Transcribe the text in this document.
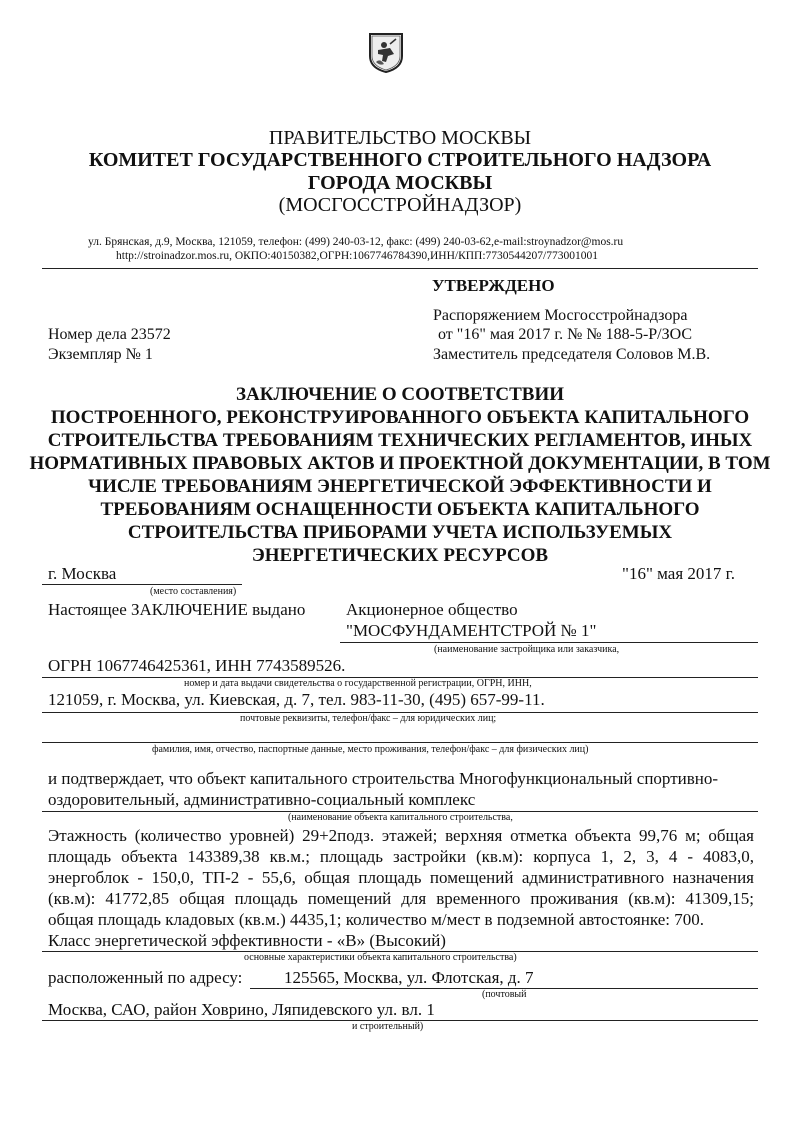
ПРАВИТЕЛЬСТВО МОСКВЫ
КОМИТЕТ ГОСУДАРСТВЕННОГО СТРОИТЕЛЬНОГО НАДЗОРА
ГОРОДА МОСКВЫ
(МОСГОССТРОЙНАДЗОР)
ул. Брянская, д.9, Москва, 121059, телефон: (499) 240-03-12, факс: (499) 240-03-62,e-mail:stroynadzor@mos.ru
http://stroinadzor.mos.ru, ОКПО:40150382,ОГРН:1067746784390,ИНН/КПП:7730544207/773001001
УТВЕРЖДЕНО
Распоряжением Мосгосстройнадзора
от "16" мая 2017 г. № № 188-5-Р/ЗОС
Заместитель председателя Соловов М.В.
Номер дела 23572
Экземпляр № 1
ЗАКЛЮЧЕНИЕ О СООТВЕТСТВИИ
ПОСТРОЕННОГО, РЕКОНСТРУИРОВАННОГО ОБЪЕКТА КАПИТАЛЬНОГО
СТРОИТЕЛЬСТВА ТРЕБОВАНИЯМ ТЕХНИЧЕСКИХ РЕГЛАМЕНТОВ, ИНЫХ
НОРМАТИВНЫХ ПРАВОВЫХ АКТОВ И ПРОЕКТНОЙ ДОКУМЕНТАЦИИ, В ТОМ
ЧИСЛЕ ТРЕБОВАНИЯМ ЭНЕРГЕТИЧЕСКОЙ ЭФФЕКТИВНОСТИ И
ТРЕБОВАНИЯМ ОСНАЩЕННОСТИ ОБЪЕКТА КАПИТАЛЬНОГО
СТРОИТЕЛЬСТВА ПРИБОРАМИ УЧЕТА ИСПОЛЬЗУЕМЫХ
ЭНЕРГЕТИЧЕСКИХ РЕСУРСОВ
г. Москва	"16" мая 2017 г.
(место составления)
Настоящее ЗАКЛЮЧЕНИЕ выдано Акционерное общество
"МОСФУНДАМЕНТСТРОЙ № 1"
(наименование застройщика или заказчика,
ОГРН 1067746425361, ИНН 7743589526.
номер и дата выдачи свидетельства о государственной регистрации, ОГРН, ИНН,
121059, г. Москва, ул. Киевская, д. 7, тел. 983-11-30, (495) 657-99-11.
почтовые реквизиты, телефон/факс – для юридических лиц;
фамилия, имя, отчество, паспортные данные, место проживания, телефон/факс – для физических лиц)
и подтверждает, что объект капитального строительства Многофункциональный спортивно-
оздоровительный, административно-социальный комплекс
(наименование объекта капитального строительства,
Этажность (количество уровней) 29+2подз. этажей; верхняя отметка объекта 99,76 м; общая
площадь объекта 143389,38 кв.м.; площадь застройки (кв.м): корпуса 1, 2, 3, 4 - 4083,0,
энергоблок - 150,0, ТП-2 - 55,6, общая площадь помещений административного назначения
(кв.м): 41772,85 общая площадь помещений для временного проживания (кв.м): 41309,15;
общая площадь кладовых (кв.м.) 4435,1; количество м/мест в подземной автостоянке: 700.
Класс энергетической эффективности - «В» (Высокий)
основные характеристики объекта капитального строительства)
расположенный по адресу: 125565, Москва, ул. Флотская, д. 7
(почтовый
Москва, САО, район Ховрино, Ляпидевского ул. вл. 1
и строительный)
